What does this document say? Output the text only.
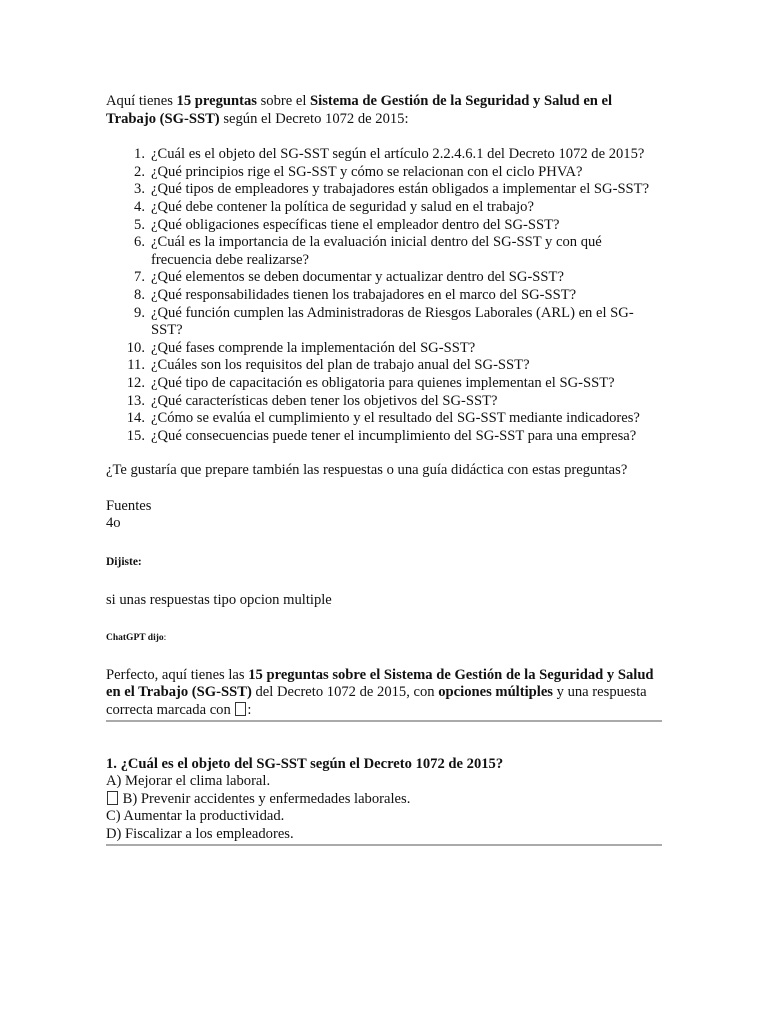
Aquí tienes 15 preguntas sobre el Sistema de Gestión de la Seguridad y Salud en el Trabajo (SG-SST) según el Decreto 1072 de 2015:

1. ¿Cuál es el objeto del SG-SST según el artículo 2.2.4.6.1 del Decreto 1072 de 2015?
2. ¿Qué principios rige el SG-SST y cómo se relacionan con el ciclo PHVA?
3. ¿Qué tipos de empleadores y trabajadores están obligados a implementar el SG-SST?
4. ¿Qué debe contener la política de seguridad y salud en el trabajo?
5. ¿Qué obligaciones específicas tiene el empleador dentro del SG-SST?
6. ¿Cuál es la importancia de la evaluación inicial dentro del SG-SST y con qué frecuencia debe realizarse?
7. ¿Qué elementos se deben documentar y actualizar dentro del SG-SST?
8. ¿Qué responsabilidades tienen los trabajadores en el marco del SG-SST?
9. ¿Qué función cumplen las Administradoras de Riesgos Laborales (ARL) en el SG-SST?
10. ¿Qué fases comprende la implementación del SG-SST?
11. ¿Cuáles son los requisitos del plan de trabajo anual del SG-SST?
12. ¿Qué tipo de capacitación es obligatoria para quienes implementan el SG-SST?
13. ¿Qué características deben tener los objetivos del SG-SST?
14. ¿Cómo se evalúa el cumplimiento y el resultado del SG-SST mediante indicadores?
15. ¿Qué consecuencias puede tener el incumplimiento del SG-SST para una empresa?

¿Te gustaría que prepare también las respuestas o una guía didáctica con estas preguntas?

Fuentes

4o

Dijiste:

si unas respuestas tipo opcion multiple

ChatGPT dijo:

Perfecto, aquí tienes las 15 preguntas sobre el Sistema de Gestión de la Seguridad y Salud en el Trabajo (SG-SST) del Decreto 1072 de 2015, con opciones múltiples y una respuesta correcta marcada con :

1. ¿Cuál es el objeto del SG-SST según el Decreto 1072 de 2015?

A) Mejorar el clima laboral.

B) Prevenir accidentes y enfermedades laborales.

C) Aumentar la productividad.

D) Fiscalizar a los empleadores.
